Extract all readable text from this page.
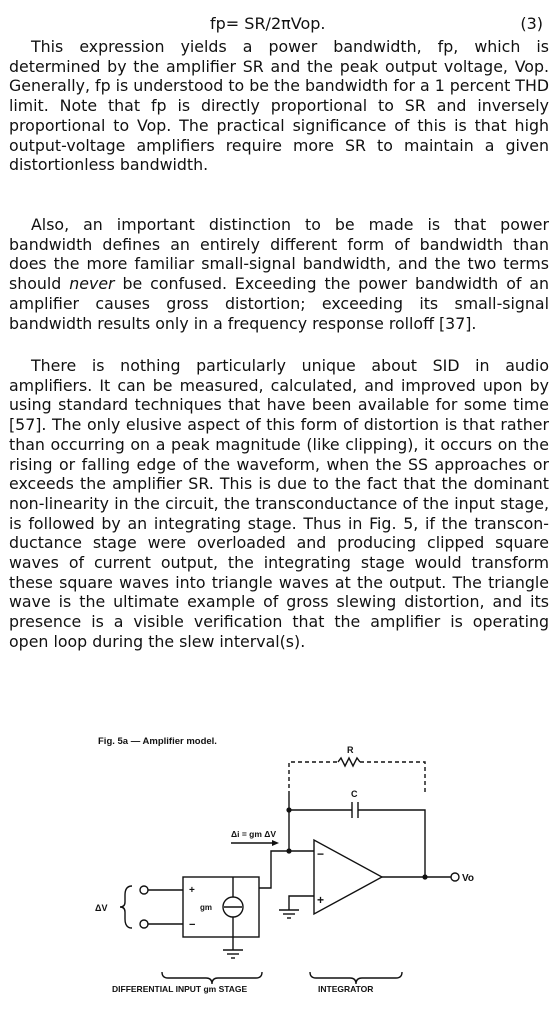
fp= SR/2πVop.	(3)

This expression yields a power bandwidth, fp, which is determined by the amplifier SR and the peak output voltage, Vop. Generally, fp is understood to be the bandwidth for a 1 percent THD limit. Note that fp is directly proportional to SR and inversely proportional to Vop. The practical significance of this is that high output-voltage amplifiers require more SR to maintain a given distortionless bandwidth.

Also, an important distinction to be made is that power bandwidth defines an entirely different form of bandwidth than does the more familiar small-signal bandwidth, and the two terms should never be confused. Exceeding the power bandwidth of an amplifier causes gross distortion; exceeding its small-signal bandwidth results only in a frequency response rolloff [37].

There is nothing particularly unique about SID in audio amplifiers. It can be measured, calculated, and improved upon by using standard techniques that have been available for some time [57]. The only elusive aspect of this form of distortion is that rather than occurring on a peak magnitude (like clipping), it occurs on the rising or falling edge of the waveform, when the SS approaches or exceeds the amplifier SR. This is due to the fact that the dominant non-linearity in the circuit, the transconductance of the input stage, is followed by an integrating stage. Thus in Fig. 5, if the transconductance stage were overloaded and producing clipped square waves of current output, the integrating stage would transform these square waves into triangle waves at the output. The triangle wave is the ultimate example of gross slewing distortion, and its presence is a visible verification that the amplifier is operating open loop during the slew interval(s).

Fig. 5a — Amplifier model.
R
C
−
+
Vo
Δi = gm ΔV
+
−
gm
ΔV
DIFFERENTIAL INPUT gm STAGE	INTEGRATOR
